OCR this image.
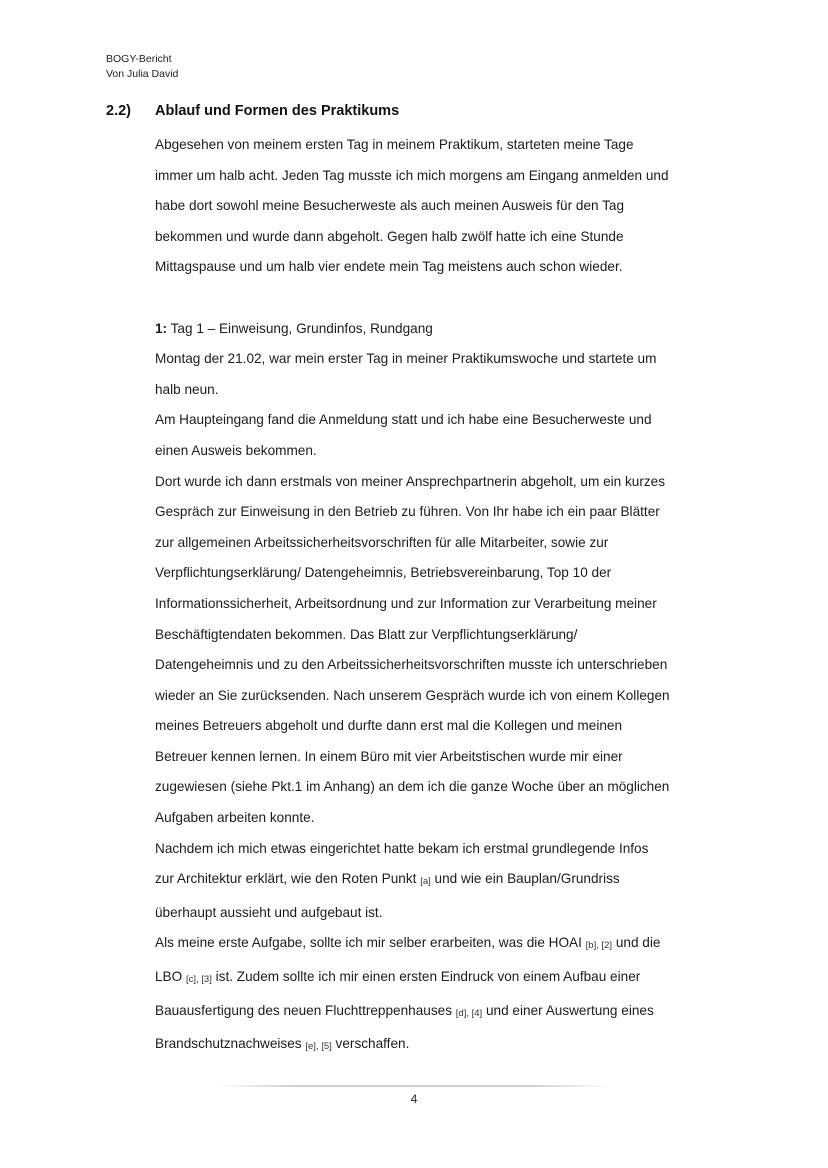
BOGY-Bericht
Von Julia David
2.2) Ablauf und Formen des Praktikums

Abgesehen von meinem ersten Tag in meinem Praktikum, starteten meine Tage

immer um halb acht. Jeden Tag musste ich mich morgens am Eingang anmelden und

habe dort sowohl meine Besucherweste als auch meinen Ausweis für den Tag

bekommen und wurde dann abgeholt. Gegen halb zwölf hatte ich eine Stunde

Mittagspause und um halb vier endete mein Tag meistens auch schon wieder.

1: Tag 1 – Einweisung, Grundinfos, Rundgang

Montag der 21.02, war mein erster Tag in meiner Praktikumswoche und startete um

halb neun.

Am Haupteingang fand die Anmeldung statt und ich habe eine Besucherweste und

einen Ausweis bekommen.

Dort wurde ich dann erstmals von meiner Ansprechpartnerin abgeholt, um ein kurzes

Gespräch zur Einweisung in den Betrieb zu führen. Von Ihr habe ich ein paar Blätter

zur allgemeinen Arbeitssicherheitsvorschriften für alle Mitarbeiter, sowie zur

Verpflichtungserklärung/ Datengeheimnis, Betriebsvereinbarung, Top 10 der

Informationssicherheit, Arbeitsordnung und zur Information zur Verarbeitung meiner

Beschäftigtendaten bekommen. Das Blatt zur Verpflichtungserklärung/

Datengeheimnis und zu den Arbeitssicherheitsvorschriften musste ich unterschrieben

wieder an Sie zurücksenden. Nach unserem Gespräch wurde ich von einem Kollegen

meines Betreuers abgeholt und durfte dann erst mal die Kollegen und meinen

Betreuer kennen lernen. In einem Büro mit vier Arbeitstischen wurde mir einer

zugewiesen (siehe Pkt.1 im Anhang) an dem ich die ganze Woche über an möglichen

Aufgaben arbeiten konnte.

Nachdem ich mich etwas eingerichtet hatte bekam ich erstmal grundlegende Infos

zur Architektur erklärt, wie den Roten Punkt [a] und wie ein Bauplan/Grundriss

überhaupt aussieht und aufgebaut ist.

Als meine erste Aufgabe, sollte ich mir selber erarbeiten, was die HOAI [b], [2] und die

LBO [c], [3] ist. Zudem sollte ich mir einen ersten Eindruck von einem Aufbau einer

Bauausfertigung des neuen Fluchttreppenhauses [d], [4] und einer Auswertung eines

Brandschutznachweises [e], [5] verschaffen.

4
